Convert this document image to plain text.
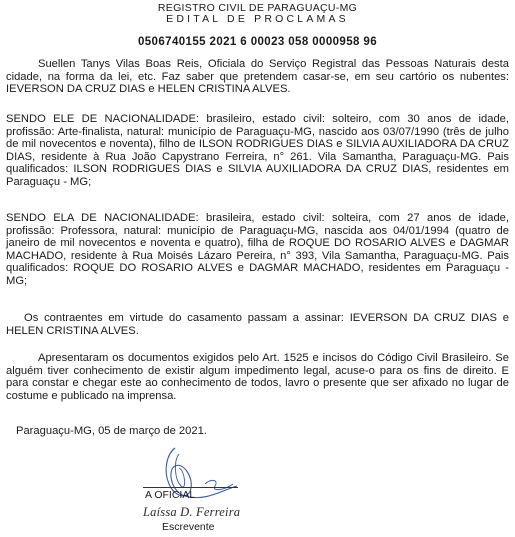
REGISTRO CIVIL DE PARAGUAÇU-MG
EDITAL DE PROCLAMAS
0506740155 2021 6 00023 058 0000958 96

Suellen Tanys Vilas Boas Reis, Oficiala do Serviço Registral das Pessoas Naturais desta cidade, na forma da lei, etc. Faz saber que pretendem casar-se, em seu cartório os nubentes: IEVERSON DA CRUZ DIAS e HELEN CRISTINA ALVES.

SENDO ELE DE NACIONALIDADE: brasileiro, estado civil: solteiro, com 30 anos de idade, profissão: Arte-finalista, natural: município de Paraguaçu-MG, nascido aos 03/07/1990 (três de julho de mil novecentos e noventa), filho de ILSON RODRIGUES DIAS e SILVIA AUXILIADORA DA CRUZ DIAS, residente à Rua João Capystrano Ferreira, n° 261. Vila Samantha, Paraguaçu-MG. Pais qualificados: ILSON RODRIGUES DIAS e SILVIA AUXILIADORA DA CRUZ DIAS, residentes em Paraguaçu - MG;

SENDO ELA DE NACIONALIDADE: brasileira, estado civil: solteira, com 27 anos de idade, profissão: Professora, natural: município de Paraguaçu-MG, nascida aos 04/01/1994 (quatro de janeiro de mil novecentos e noventa e quatro), filha de ROQUE DO ROSARIO ALVES e DAGMAR MACHADO, residente à Rua Moisés Lázaro Pereira, n° 393, Vila Samantha, Paraguaçu-MG. Pais qualificados: ROQUE DO ROSARIO ALVES e DAGMAR MACHADO, residentes em Paraguaçu - MG;

Os contraentes em virtude do casamento passam a assinar: IEVERSON DA CRUZ DIAS e HELEN CRISTINA ALVES.

Apresentaram os documentos exigidos pelo Art. 1525 e incisos do Código Civil Brasileiro. Se alguém tiver conhecimento de existir algum impedimento legal, acuse-o para os fins de direito. E para constar e chegar este ao conhecimento de todos, lavro o presente que ser afixado no lugar de costume e publicado na imprensa.

Paraguaçu-MG, 05 de março de 2021.
A OFICIAL
Laíssa D. Ferreira
Escrevente
